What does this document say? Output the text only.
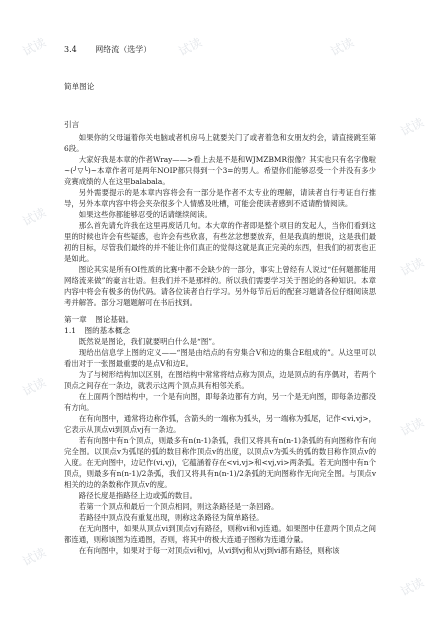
试读	试读	试读
试读
试读
试读
试读
试读
试读
试读
3.4 网络流（选学）

简单图论

引言

如果你的父母逼着你关电脑或者机房马上就要关门了或者着急和女朋友约会，请直接跳至第6段。

大家好我是本章的作者Wray——>看上去是不是和WJMZBMR很像？其实也只有名字像啦~(╯▽╰)~本章作者可是两年NOIP都只得到一个3=的男人。希望你们能够忍受一个并没有多少竞赛成绩的人在这里balabala。

另外需要提示的是本章内容将会有一部分是作者不太专业的理解，请读者自行考证自行推导，另外本章内容中将会夹杂很多个人情感及吐槽，可能会使读者感到不适请酌情阅读。

如果这些你都能够忍受的话请继续阅读。

那么首先请允许我在这里再废话几句。本大章的作者即是整个项目的发起人，当你们看到这里的时候也许会有些疑惑，也许会有些欣喜，有些忿忿想要放弃，但是我真的想说，这是我们最初的目标，尽管我们最终的并不能让你们真正的觉得这就是真正完美的东西，但我们的初衷也正是如此。

图论其实是所有OI性质的比赛中都不会缺少的一部分，事实上曾经有人说过“任何题都能用网络流来做”的豪言壮语。但我们并不是那样的。所以我们需要学习关于图论的各种知识。本章内容中将会有极多的伪代码。请各位读者自行学习。另外每节后后的配套习题请各位仔细阅读思考并解答。部分习题题解可在书后找到。

第一章 图论基础。

1.1 图的基本概念

既然说是图论，我们就要明白什么是“图”。

现给出信息学上图的定义——“图是由结点的有穷集合V和边的集合E组成的”。从这里可以看出对于一张图最重要的是点V和边E。

为了与树形结构加以区别，在图结构中常常将结点称为顶点，边是顶点的有序偶对，若两个顶点之间存在一条边，就表示这两个顶点具有相邻关系。

在上面两个图结构中，一个是有向图，即每条边都有方向，另一个是无向图，即每条边都没有方向。

在有向图中，通常将边称作弧，含箭头的一端称为弧头，另一端称为弧尾，记作<vi,vj>，它表示从顶点vi到顶点vj有一条边。

若有向图中有n个顶点，则最多有n(n-1)条弧，我们又将具有n(n-1)条弧的有向图称作有向完全图。以顶点v为弧尾的弧的数目称作顶点v的出度，以顶点v为弧头的弧的数目称作顶点v的入度。在无向图中，边记作(vi,vj)，它蕴涵着存在<vi,vj>和<vj,vi>两条弧。若无向图中有n个顶点，则最多有n(n-1)/2条弧，我们又将具有n(n-1)/2条弧的无向图称作无向完全图。与顶点v相关的边的条数称作顶点v的度。

路径长度是指路径上边或弧的数目。

若第一个顶点和最后一个顶点相同，则这条路径是一条回路。

若路径中顶点没有重复出现，则称这条路径为简单路径。

在无向图中，如果从顶点vi到顶点vj有路径，则称vi和vj连通。如果图中任意两个顶点之间都连通，则称该图为连通图，否则，将其中的极大连通子图称为连通分量。

在有向图中，如果对于每一对顶点vi和vj，从vi到vj和从vj到vi都有路径，则称该
